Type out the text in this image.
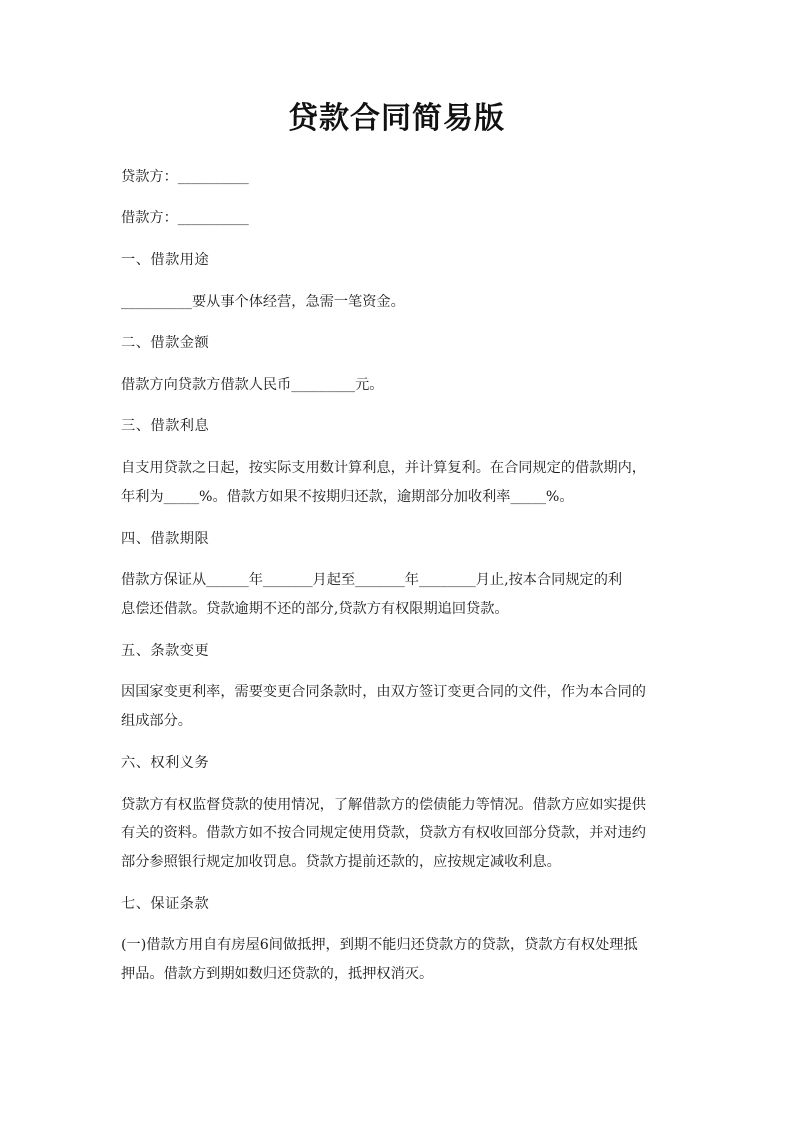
贷款合同简易版
贷款方：__________
借款方：__________
一、借款用途
__________要从事个体经营，急需一笔资金。
二、借款金额
借款方向贷款方借款人民币_________元。
三、借款利息
自支用贷款之日起，按实际支用数计算利息，并计算复利。在合同规定的借款期内，
年利为_____%。借款方如果不按期归还款，逾期部分加收利率_____%。
四、借款期限
借款方保证从______年_______月起至_______年________月止,按本合同规定的利
息偿还借款。贷款逾期不还的部分,贷款方有权限期追回贷款。
五、条款变更
因国家变更利率，需要变更合同条款时，由双方签订变更合同的文件，作为本合同的
组成部分。
六、权利义务
贷款方有权监督贷款的使用情况，了解借款方的偿债能力等情况。借款方应如实提供
有关的资料。借款方如不按合同规定使用贷款，贷款方有权收回部分贷款，并对违约
部分参照银行规定加收罚息。贷款方提前还款的，应按规定减收利息。
七、保证条款
(一)借款方用自有房屋6间做抵押，到期不能归还贷款方的贷款，贷款方有权处理抵
押品。借款方到期如数归还贷款的，抵押权消灭。
